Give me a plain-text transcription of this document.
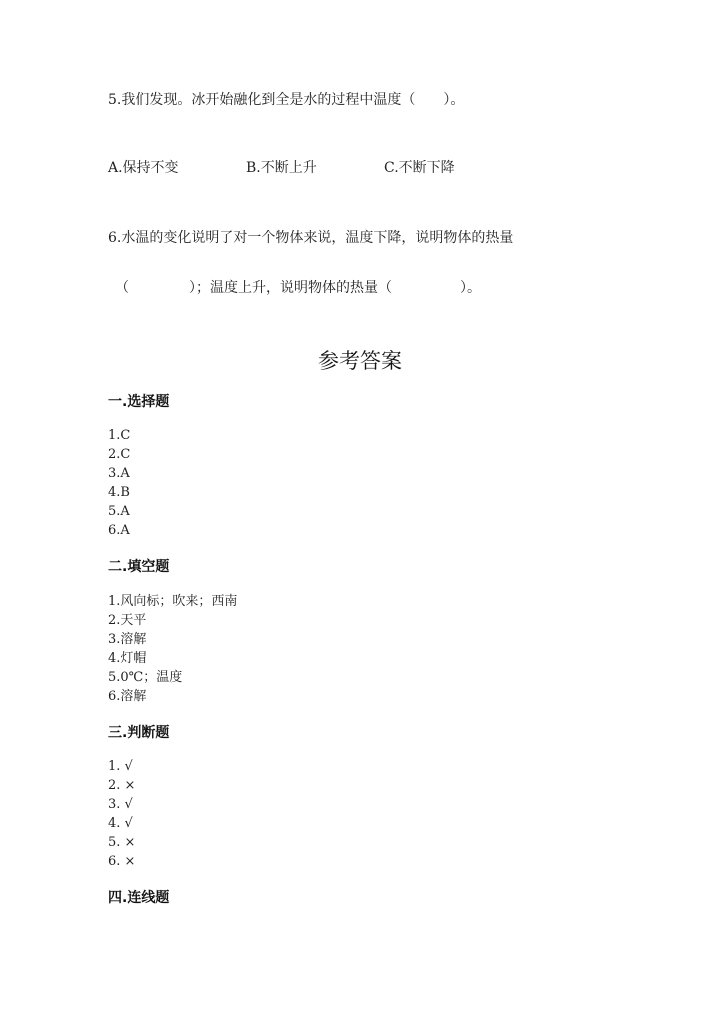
5.我们发现。冰开始融化到全是水的过程中温度（　　）。
A.保持不变	B.不断上升	C.不断下降
6.水温的变化说明了对一个物体来说，温度下降，说明物体的热量
（	）；温度上升，说明物体的热量（	）。
参考答案
一.选择题
1.C
2.C
3.A
4.B
5.A
6.A
二.填空题
1.风向标；吹来；西南
2.天平
3.溶解
4.灯帽
5.0℃；温度
6.溶解
三.判断题
1. √
2. ×
3. √
4. √
5. ×
6. ×
四.连线题
